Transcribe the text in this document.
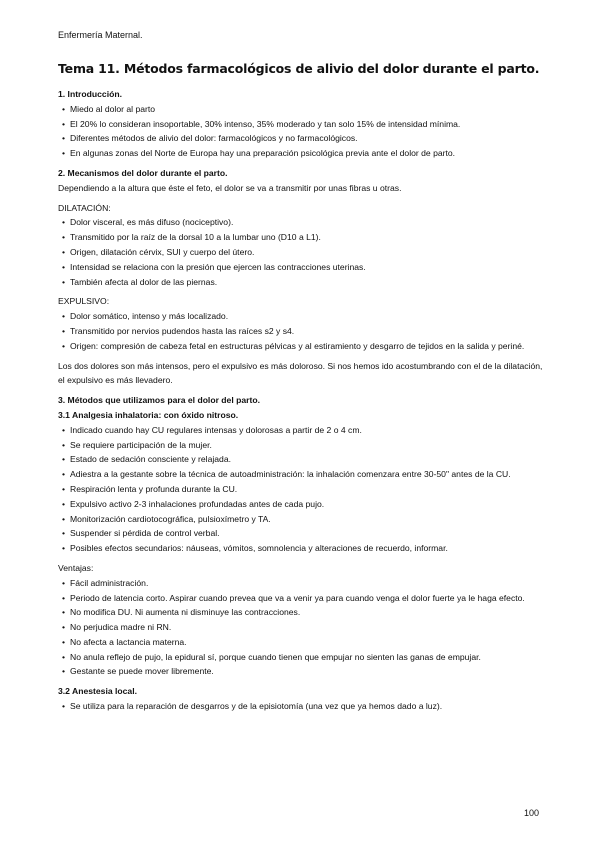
Enfermería Maternal.
Tema 11. Métodos farmacológicos de alivio del dolor durante el parto.

1. Introducción.

• Miedo al dolor al parto
• El 20% lo consideran insoportable, 30% intenso, 35% moderado y tan solo 15% de intensidad mínima.
• Diferentes métodos de alivio del dolor: farmacológicos y no farmacológicos.
• En algunas zonas del Norte de Europa hay una preparación psicológica previa ante el dolor de parto.

2. Mecanismos del dolor durante el parto.

Dependiendo a la altura que éste el feto, el dolor se va a transmitir por unas fibras u otras.

DILATACIÓN:

• Dolor visceral, es más difuso (nociceptivo).
• Transmitido por la raíz de la dorsal 10 a la lumbar uno (D10 a L1).
• Origen, dilatación cérvix, SUI y cuerpo del útero.
• Intensidad se relaciona con la presión que ejercen las contracciones uterinas.
• También afecta al dolor de las piernas.

EXPULSIVO:

• Dolor somático, intenso y más localizado.
• Transmitido por nervios pudendos hasta las raíces s2 y s4.
• Origen: compresión de cabeza fetal en estructuras pélvicas y al estiramiento y desgarro de tejidos en la salida y periné.

Los dos dolores son más intensos, pero el expulsivo es más doloroso. Si nos hemos ido acostumbrando con el de la dilatación, el expulsivo es más llevadero.

3. Métodos que utilizamos para el dolor del parto.

3.1 Analgesia inhalatoria: con óxido nitroso.

• Indicado cuando hay CU regulares intensas y dolorosas a partir de 2 o 4 cm.
• Se requiere participación de la mujer.
• Estado de sedación consciente y relajada.
• Adiestra a la gestante sobre la técnica de autoadministración: la inhalación comenzara entre 30-50" antes de la CU.
• Respiración lenta y profunda durante la CU.
• Expulsivo activo 2-3 inhalaciones profundadas antes de cada pujo.
• Monitorización cardiotocográfica, pulsioxímetro y TA.
• Suspender si pérdida de control verbal.
• Posibles efectos secundarios: náuseas, vómitos, somnolencia y alteraciones de recuerdo, informar.

Ventajas:

• Fácil administración.
• Periodo de latencia corto. Aspirar cuando prevea que va a venir ya para cuando venga el dolor fuerte ya le haga efecto.
• No modifica DU. Ni aumenta ni disminuye las contracciones.
• No perjudica madre ni RN.
• No afecta a lactancia materna.
• No anula reflejo de pujo, la epidural sí, porque cuando tienen que empujar no sienten las ganas de empujar.
• Gestante se puede mover libremente.

3.2 Anestesia local.

• Se utiliza para la reparación de desgarros y de la episiotomía (una vez que ya hemos dado a luz).
100
